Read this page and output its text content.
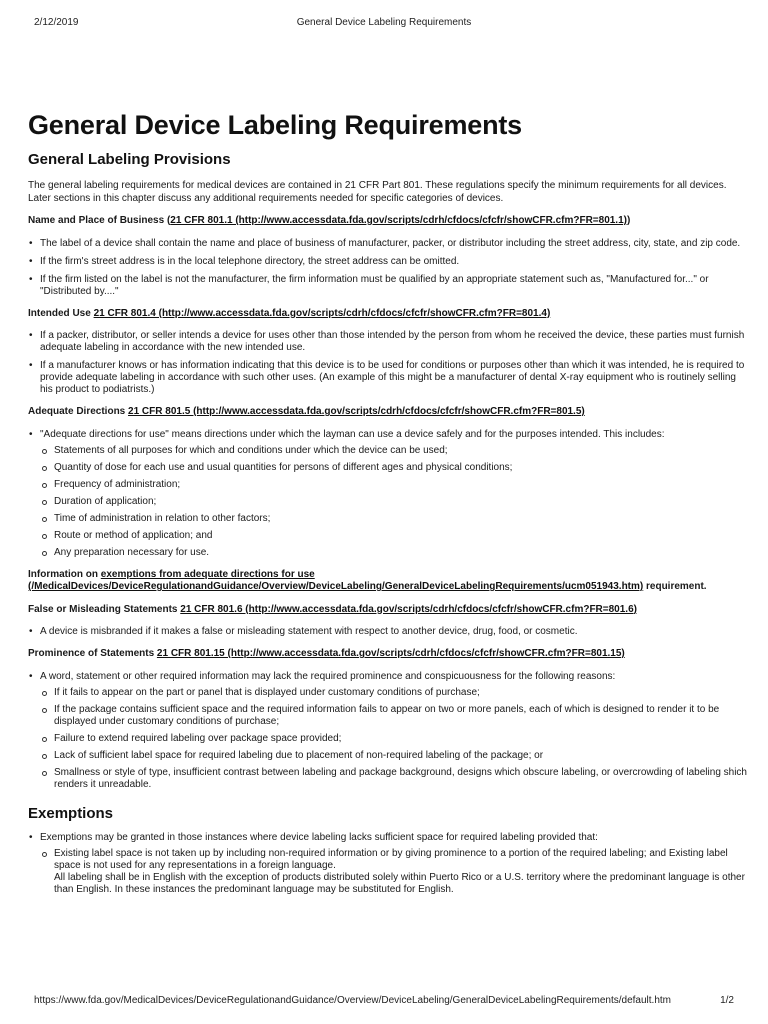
2/12/2019	General Device Labeling Requirements
General Device Labeling Requirements
General Labeling Provisions

The general labeling requirements for medical devices are contained in 21 CFR Part 801. These regulations specify the minimum requirements for all devices. Later sections in this chapter discuss any additional requirements needed for specific categories of devices.

Name and Place of Business (21 CFR 801.1 (http://www.accessdata.fda.gov/scripts/cdrh/cfdocs/cfcfr/showCFR.cfm?FR=801.1))
• The label of a device shall contain the name and place of business of manufacturer, packer, or distributor including the street address, city, state, and zip code.
• If the firm's street address is in the local telephone directory, the street address can be omitted.
• If the firm listed on the label is not the manufacturer, the firm information must be qualified by an appropriate statement such as, "Manufactured for..." or "Distributed by...."
Intended Use 21 CFR 801.4 (http://www.accessdata.fda.gov/scripts/cdrh/cfdocs/cfcfr/showCFR.cfm?FR=801.4)
• If a packer, distributor, or seller intends a device for uses other than those intended by the person from whom he received the device, these parties must furnish adequate labeling in accordance with the new intended use.
• If a manufacturer knows or has information indicating that this device is to be used for conditions or purposes other than which it was intended, he is required to provide adequate labeling in accordance with such other uses. (An example of this might be a manufacturer of dental X-ray equipment who is routinely selling his product to podiatrists.)
Adequate Directions 21 CFR 801.5 (http://www.accessdata.fda.gov/scripts/cdrh/cfdocs/cfcfr/showCFR.cfm?FR=801.5)
• "Adequate directions for use" means directions under which the layman can use a device safely and for the purposes intended. This includes:
Statements of all purposes for which and conditions under which the device can be used;
Quantity of dose for each use and usual quantities for persons of different ages and physical conditions;
Frequency of administration;
Duration of application;
Time of administration in relation to other factors;
Route or method of application; and
Any preparation necessary for use.
Information on exemptions from adequate directions for use
(/MedicalDevices/DeviceRegulationandGuidance/Overview/DeviceLabeling/GeneralDeviceLabelingRequirements/ucm051943.htm) requirement.
False or Misleading Statements 21 CFR 801.6 (http://www.accessdata.fda.gov/scripts/cdrh/cfdocs/cfcfr/showCFR.cfm?FR=801.6)
• A device is misbranded if it makes a false or misleading statement with respect to another device, drug, food, or cosmetic.
Prominence of Statements 21 CFR 801.15 (http://www.accessdata.fda.gov/scripts/cdrh/cfdocs/cfcfr/showCFR.cfm?FR=801.15)
• A word, statement or other required information may lack the required prominence and conspicuousness for the following reasons:
If it fails to appear on the part or panel that is displayed under customary conditions of purchase;
If the package contains sufficient space and the required information fails to appear on two or more panels, each of which is designed to render it to be displayed under customary conditions of purchase;
Failure to extend required labeling over package space provided;
Lack of sufficient label space for required labeling due to placement of non-required labeling of the package; or
Smallness or style of type, insufficient contrast between labeling and package background, designs which obscure labeling, or overcrowding of labeling shich renders it unreadable.
Exemptions
• Exemptions may be granted in those instances where device labeling lacks sufficient space for required labeling provided that:
Existing label space is not taken up by including non-required information or by giving prominence to a portion of the required labeling; and Existing label space is not used for any representations in a foreign language.
All labeling shall be in English with the exception of products distributed solely within Puerto Rico or a U.S. territory where the predominant language is other than English. In these instances the predominant language may be substituted for English.
https://www.fda.gov/MedicalDevices/DeviceRegulationandGuidance/Overview/DeviceLabeling/GeneralDeviceLabelingRequirements/default.htm	1/2
